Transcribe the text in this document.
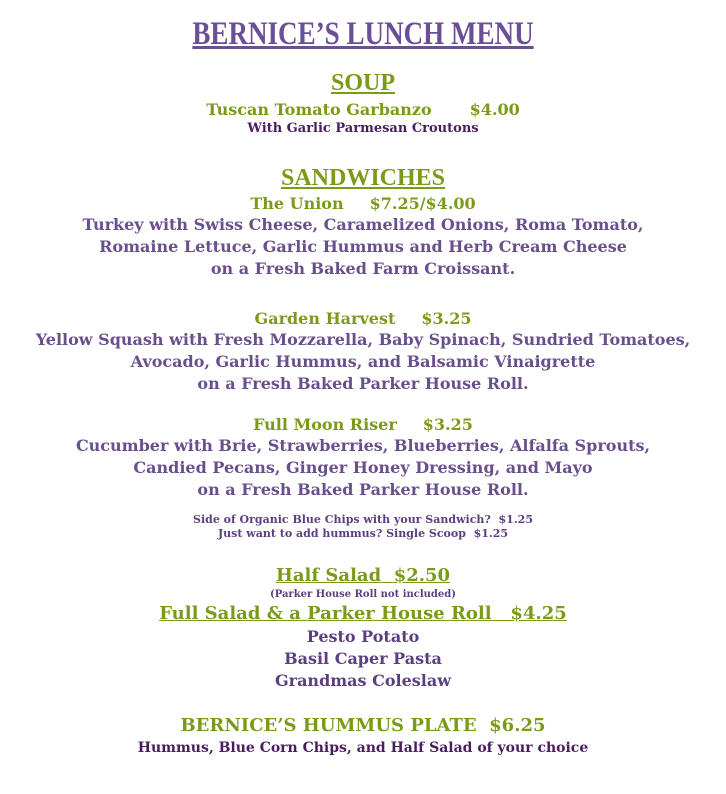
BERNICE’S LUNCH MENU
SOUP
Tuscan Tomato Garbanzo $4.00
With Garlic Parmesan Croutons
SANDWICHES
The Union $7.25/$4.00
Turkey with Swiss Cheese, Caramelized Onions, Roma Tomato,
Romaine Lettuce, Garlic Hummus and Herb Cream Cheese
on a Fresh Baked Farm Croissant.
Garden Harvest $3.25
Yellow Squash with Fresh Mozzarella, Baby Spinach, Sundried Tomatoes,
Avocado, Garlic Hummus, and Balsamic Vinaigrette
on a Fresh Baked Parker House Roll.
Full Moon Riser $3.25
Cucumber with Brie, Strawberries, Blueberries, Alfalfa Sprouts,
Candied Pecans, Ginger Honey Dressing, and Mayo
on a Fresh Baked Parker House Roll.
Side of Organic Blue Chips with your Sandwich? $1.25
Just want to add hummus? Single Scoop $1.25
Half Salad $2.50
(Parker House Roll not included)
Full Salad & a Parker House Roll $4.25
Pesto Potato
Basil Caper Pasta
Grandmas Coleslaw
BERNICE’S HUMMUS PLATE $6.25
Hummus, Blue Corn Chips, and Half Salad of your choice
